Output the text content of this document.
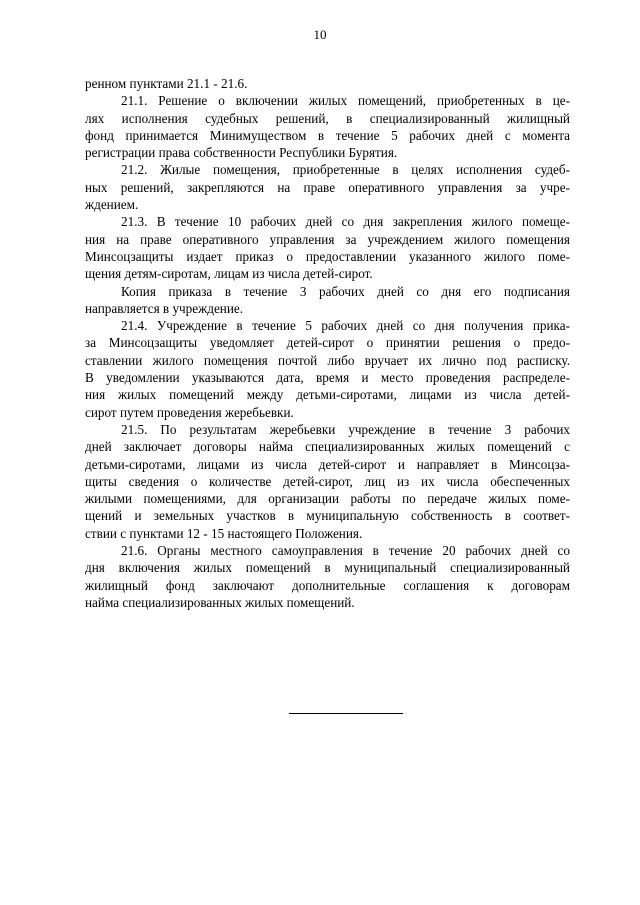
10
ренном пунктами 21.1 - 21.6.
21.1. Решение о включении жилых помещений, приобретенных в це-
лях исполнения судебных решений, в специализированный жилищный
фонд принимается Минимуществом в течение 5 рабочих дней с момента
регистрации права собственности Республики Бурятия.
21.2. Жилые помещения, приобретенные в целях исполнения судеб-
ных решений, закрепляются на праве оперативного управления за учре-
ждением.
21.3. В течение 10 рабочих дней со дня закрепления жилого помеще-
ния на праве оперативного управления за учреждением жилого помещения
Минсоцзащиты издает приказ о предоставлении указанного жилого поме-
щения детям-сиротам, лицам из числа детей-сирот.
Копия приказа в течение 3 рабочих дней со дня его подписания
направляется в учреждение.
21.4. Учреждение в течение 5 рабочих дней со дня получения прика-
за Минсоцзащиты уведомляет детей-сирот о принятии решения о предо-
ставлении жилого помещения почтой либо вручает их лично под расписку.
В уведомлении указываются дата, время и место проведения распределе-
ния жилых помещений между детьми-сиротами, лицами из числа детей-
сирот путем проведения жеребьевки.
21.5. По результатам жеребьевки учреждение в течение 3 рабочих
дней заключает договоры найма специализированных жилых помещений с
детьми-сиротами, лицами из числа детей-сирот и направляет в Минсоцза-
щиты сведения о количестве детей-сирот, лиц из их числа обеспеченных
жилыми помещениями, для организации работы по передаче жилых поме-
щений и земельных участков в муниципальную собственность в соответ-
ствии с пунктами 12 - 15 настоящего Положения.
21.6. Органы местного самоуправления в течение 20 рабочих дней со
дня включения жилых помещений в муниципальный специализированный
жилищный фонд заключают дополнительные соглашения к договорам
найма специализированных жилых помещений.
